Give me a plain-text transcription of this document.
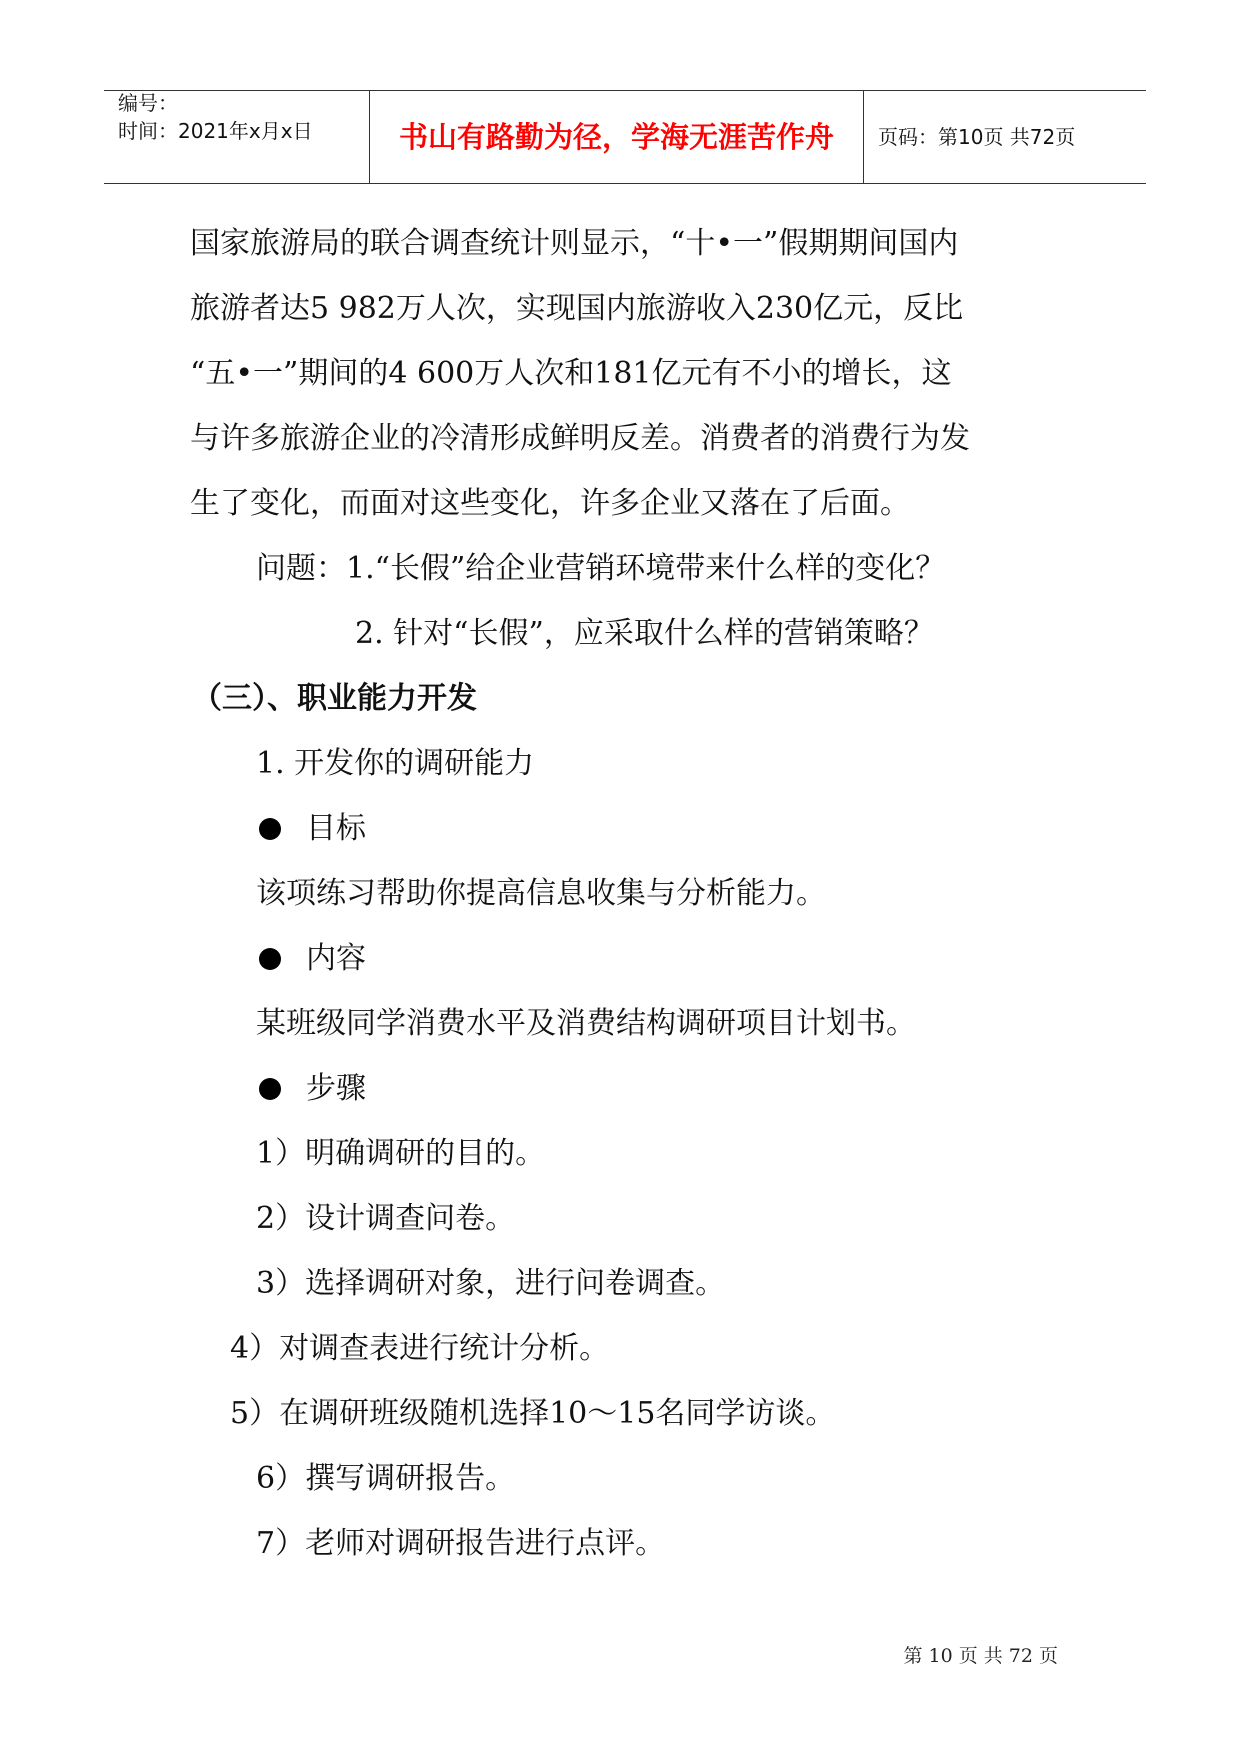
编号：
时间：2021年x月x日	书山有路勤为径，学海无涯苦作舟	页码：第10页 共72页
国家旅游局的联合调查统计则显示，“十•一”假期期间国内
旅游者达5 982万人次，实现国内旅游收入230亿元，反比
“五•一”期间的4 600万人次和181亿元有不小的增长，这
与许多旅游企业的冷清形成鲜明反差。消费者的消费行为发
生了变化，而面对这些变化，许多企业又落在了后面。
问题：1.“长假”给企业营销环境带来什么样的变化？
2. 针对“长假”，应采取什么样的营销策略？
（三）、职业能力开发
1. 开发你的调研能力
目标
该项练习帮助你提高信息收集与分析能力。
内容
某班级同学消费水平及消费结构调研项目计划书。
步骤
1）明确调研的目的。
2）设计调查问卷。
3）选择调研对象，进行问卷调查。
4）对调查表进行统计分析。
5）在调研班级随机选择10～15名同学访谈。
6）撰写调研报告。
7）老师对调研报告进行点评。
第 10 页 共 72 页
